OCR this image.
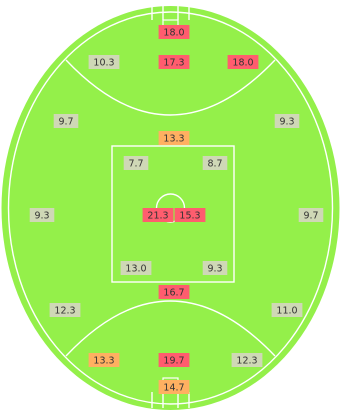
18.0
10.3	17.3	18.0
9.7
13.3
9.3
7.7	8.7
9.3	21.3 15.3	9.7
13.0	9.3
16.7
12.3	11.0
13.3	19.7	12.3
14.7
